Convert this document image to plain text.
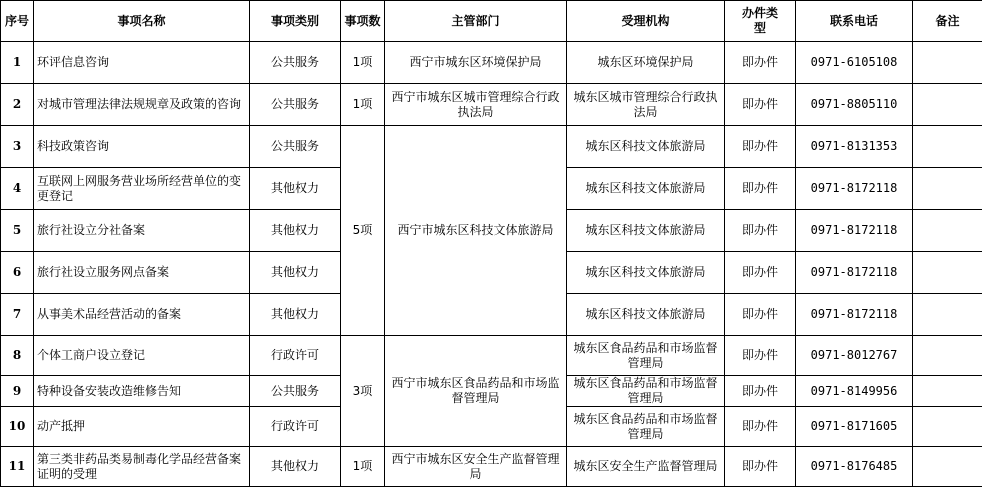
序号	事项名称	事项类别	事项数	主管部门	受理机构	办件类型	联系电话	备注
1	环评信息咨询	公共服务	1项	西宁市城东区环境保护局	城东区环境保护局	即办件	0971-6105108	
2	对城市管理法律法规规章及政策的咨询	公共服务	1项	西宁市城东区城市管理综合行政执法局	城东区城市管理综合行政执法局	即办件	0971-8805110	
3	科技政策咨询	公共服务	5项	西宁市城东区科技文体旅游局	城东区科技文体旅游局	即办件	0971-8131353	
4	互联网上网服务营业场所经营单位的变更登记	其他权力			城东区科技文体旅游局	即办件	0971-8172118	
5	旅行社设立分社备案	其他权力			城东区科技文体旅游局	即办件	0971-8172118	
6	旅行社设立服务网点备案	其他权力			城东区科技文体旅游局	即办件	0971-8172118	
7	从事美术品经营活动的备案	其他权力			城东区科技文体旅游局	即办件	0971-8172118	
8	个体工商户设立登记	行政许可	3项	西宁市城东区食品药品和市场监督管理局	城东区食品药品和市场监督管理局	即办件	0971-8012767	
9	特种设备安装改造维修告知	公共服务			城东区食品药品和市场监督管理局	即办件	0971-8149956	
10	动产抵押	行政许可			城东区食品药品和市场监督管理局	即办件	0971-8171605	
11	第三类非药品类易制毒化学品经营备案证明的受理	其他权力	1项	西宁市城东区安全生产监督管理局	城东区安全生产监督管理局	即办件	0971-8176485	
